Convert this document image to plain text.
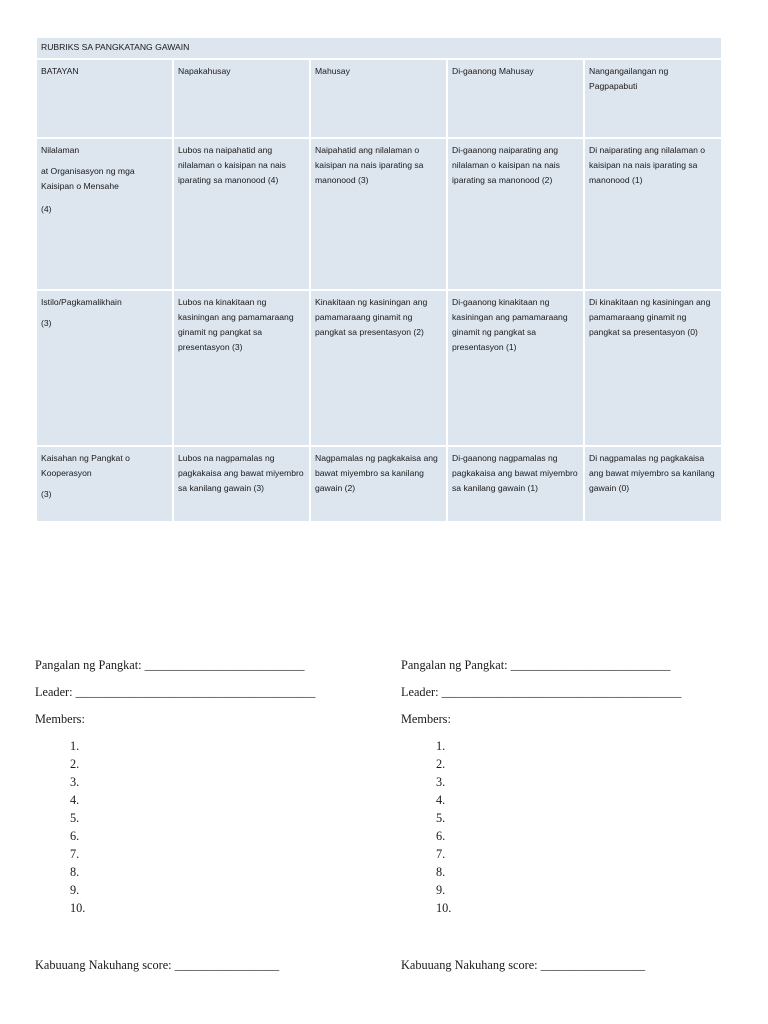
RUBRIKS SA PANGKATANG GAWAIN				
BATAYAN	Napakahusay	Mahusay	Di-gaanong Mahusay	Nangangailangan ng Pagpapabuti

Nilalaman
at Organisasyon ng mga Kaisipan o Mensahe
(4)	Lubos na naipahatid ang nilalaman o kaisipan na nais iparating sa manonood (4)	Naipahatid ang nilalaman o kaisipan na nais iparating sa manonood (3)	Di-gaanong naiparating ang nilalaman o kaisipan na nais iparating sa manonood (2)	Di naiparating ang nilalaman o kaisipan na nais iparating sa manonood (1)

Istilo/Pagkamalikhain
(3)	Lubos na kinakitaan ng kasiningan ang pamamaraang ginamit ng pangkat sa presentasyon (3)	Kinakitaan ng kasiningan ang pamamaraang ginamit ng pangkat sa presentasyon (2)	Di-gaanong kinakitaan ng kasiningan ang pamamaraang ginamit ng pangkat sa presentasyon (1)	Di kinakitaan ng kasiningan ang pamamaraang ginamit ng pangkat sa presentasyon (0)

Kaisahan ng Pangkat o Kooperasyon
(3)	Lubos na nagpamalas ng pagkakaisa ang bawat miyembro sa kanilang gawain (3)	Nagpamalas ng pagkakaisa ang bawat miyembro sa kanilang gawain (2)	Di-gaanong nagpamalas ng pagkakaisa ang bawat miyembro sa kanilang gawain (1)	Di nagpamalas ng pagkakaisa ang bawat miyembro sa kanilang gawain (0)
Pangalan ng Pangkat: __________________________
Leader: _______________________________________
Members:
1.
2.
3.
4.
5.
6.
7.
8.
9.
10.
Kabuuang Nakuhang score: _________________
Pangalan ng Pangkat: __________________________
Leader: _______________________________________
Members:
1.
2.
3.
4.
5.
6.
7.
8.
9.
10.
Kabuuang Nakuhang score: _________________
